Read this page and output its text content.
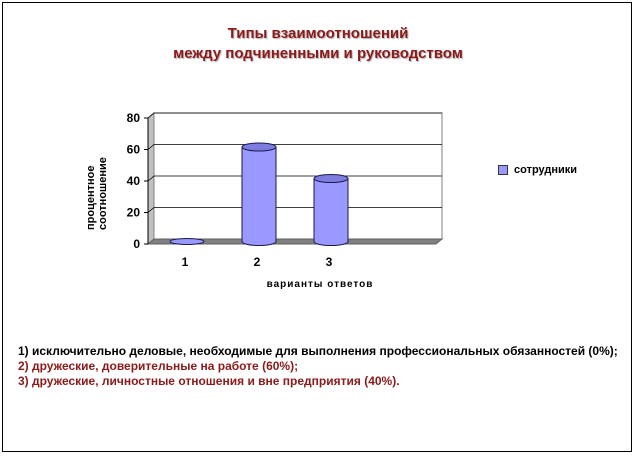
Типы взаимоотношений
между подчиненными и руководством
0
20
40
60
80
1	2	3
процентное соотношение
варианты ответов
сотрудники

1) исключительно деловые, необходимые для выполнения профессиональных обязанностей (0%);

2) дружеские, доверительные на работе (60%);

3) дружеские, личностные отношения и вне предприятия (40%).
